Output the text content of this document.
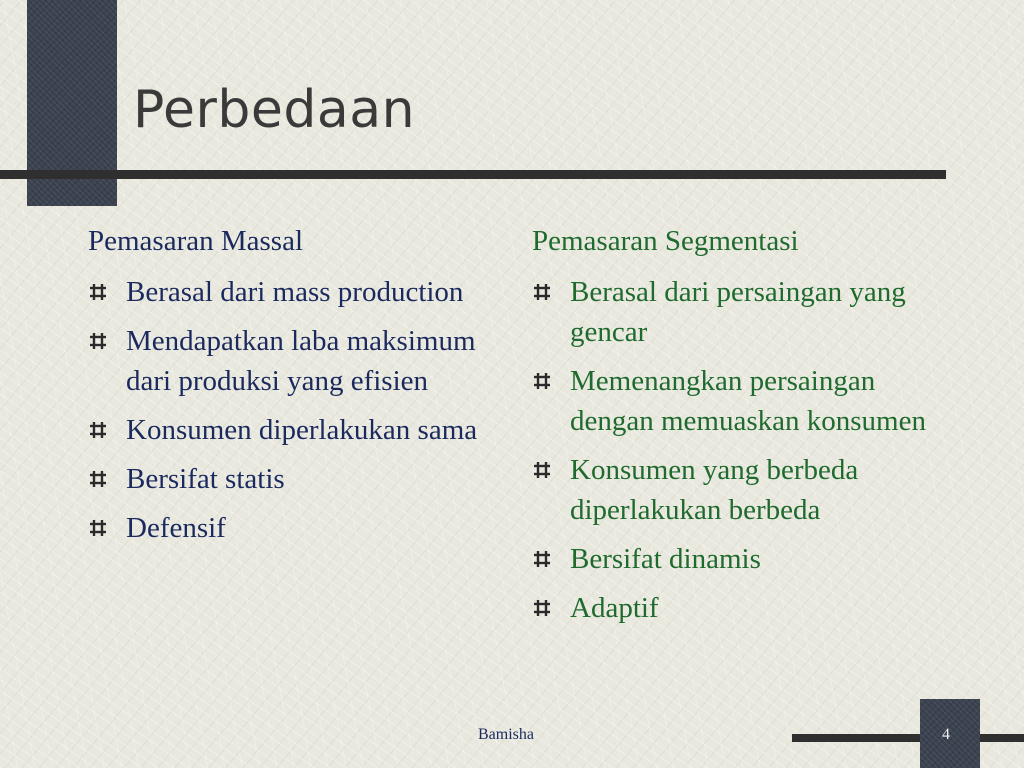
Perbedaan
Pemasaran Massal
Berasal dari mass production
Mendapatkan laba maksimum dari produksi yang efisien
Konsumen diperlakukan sama
Bersifat statis
Defensif
Pemasaran Segmentasi
Berasal dari persaingan yang gencar
Memenangkan persaingan dengan memuaskan konsumen
Konsumen yang berbeda diperlakukan berbeda
Bersifat dinamis
Adaptif
Bamisha	4
